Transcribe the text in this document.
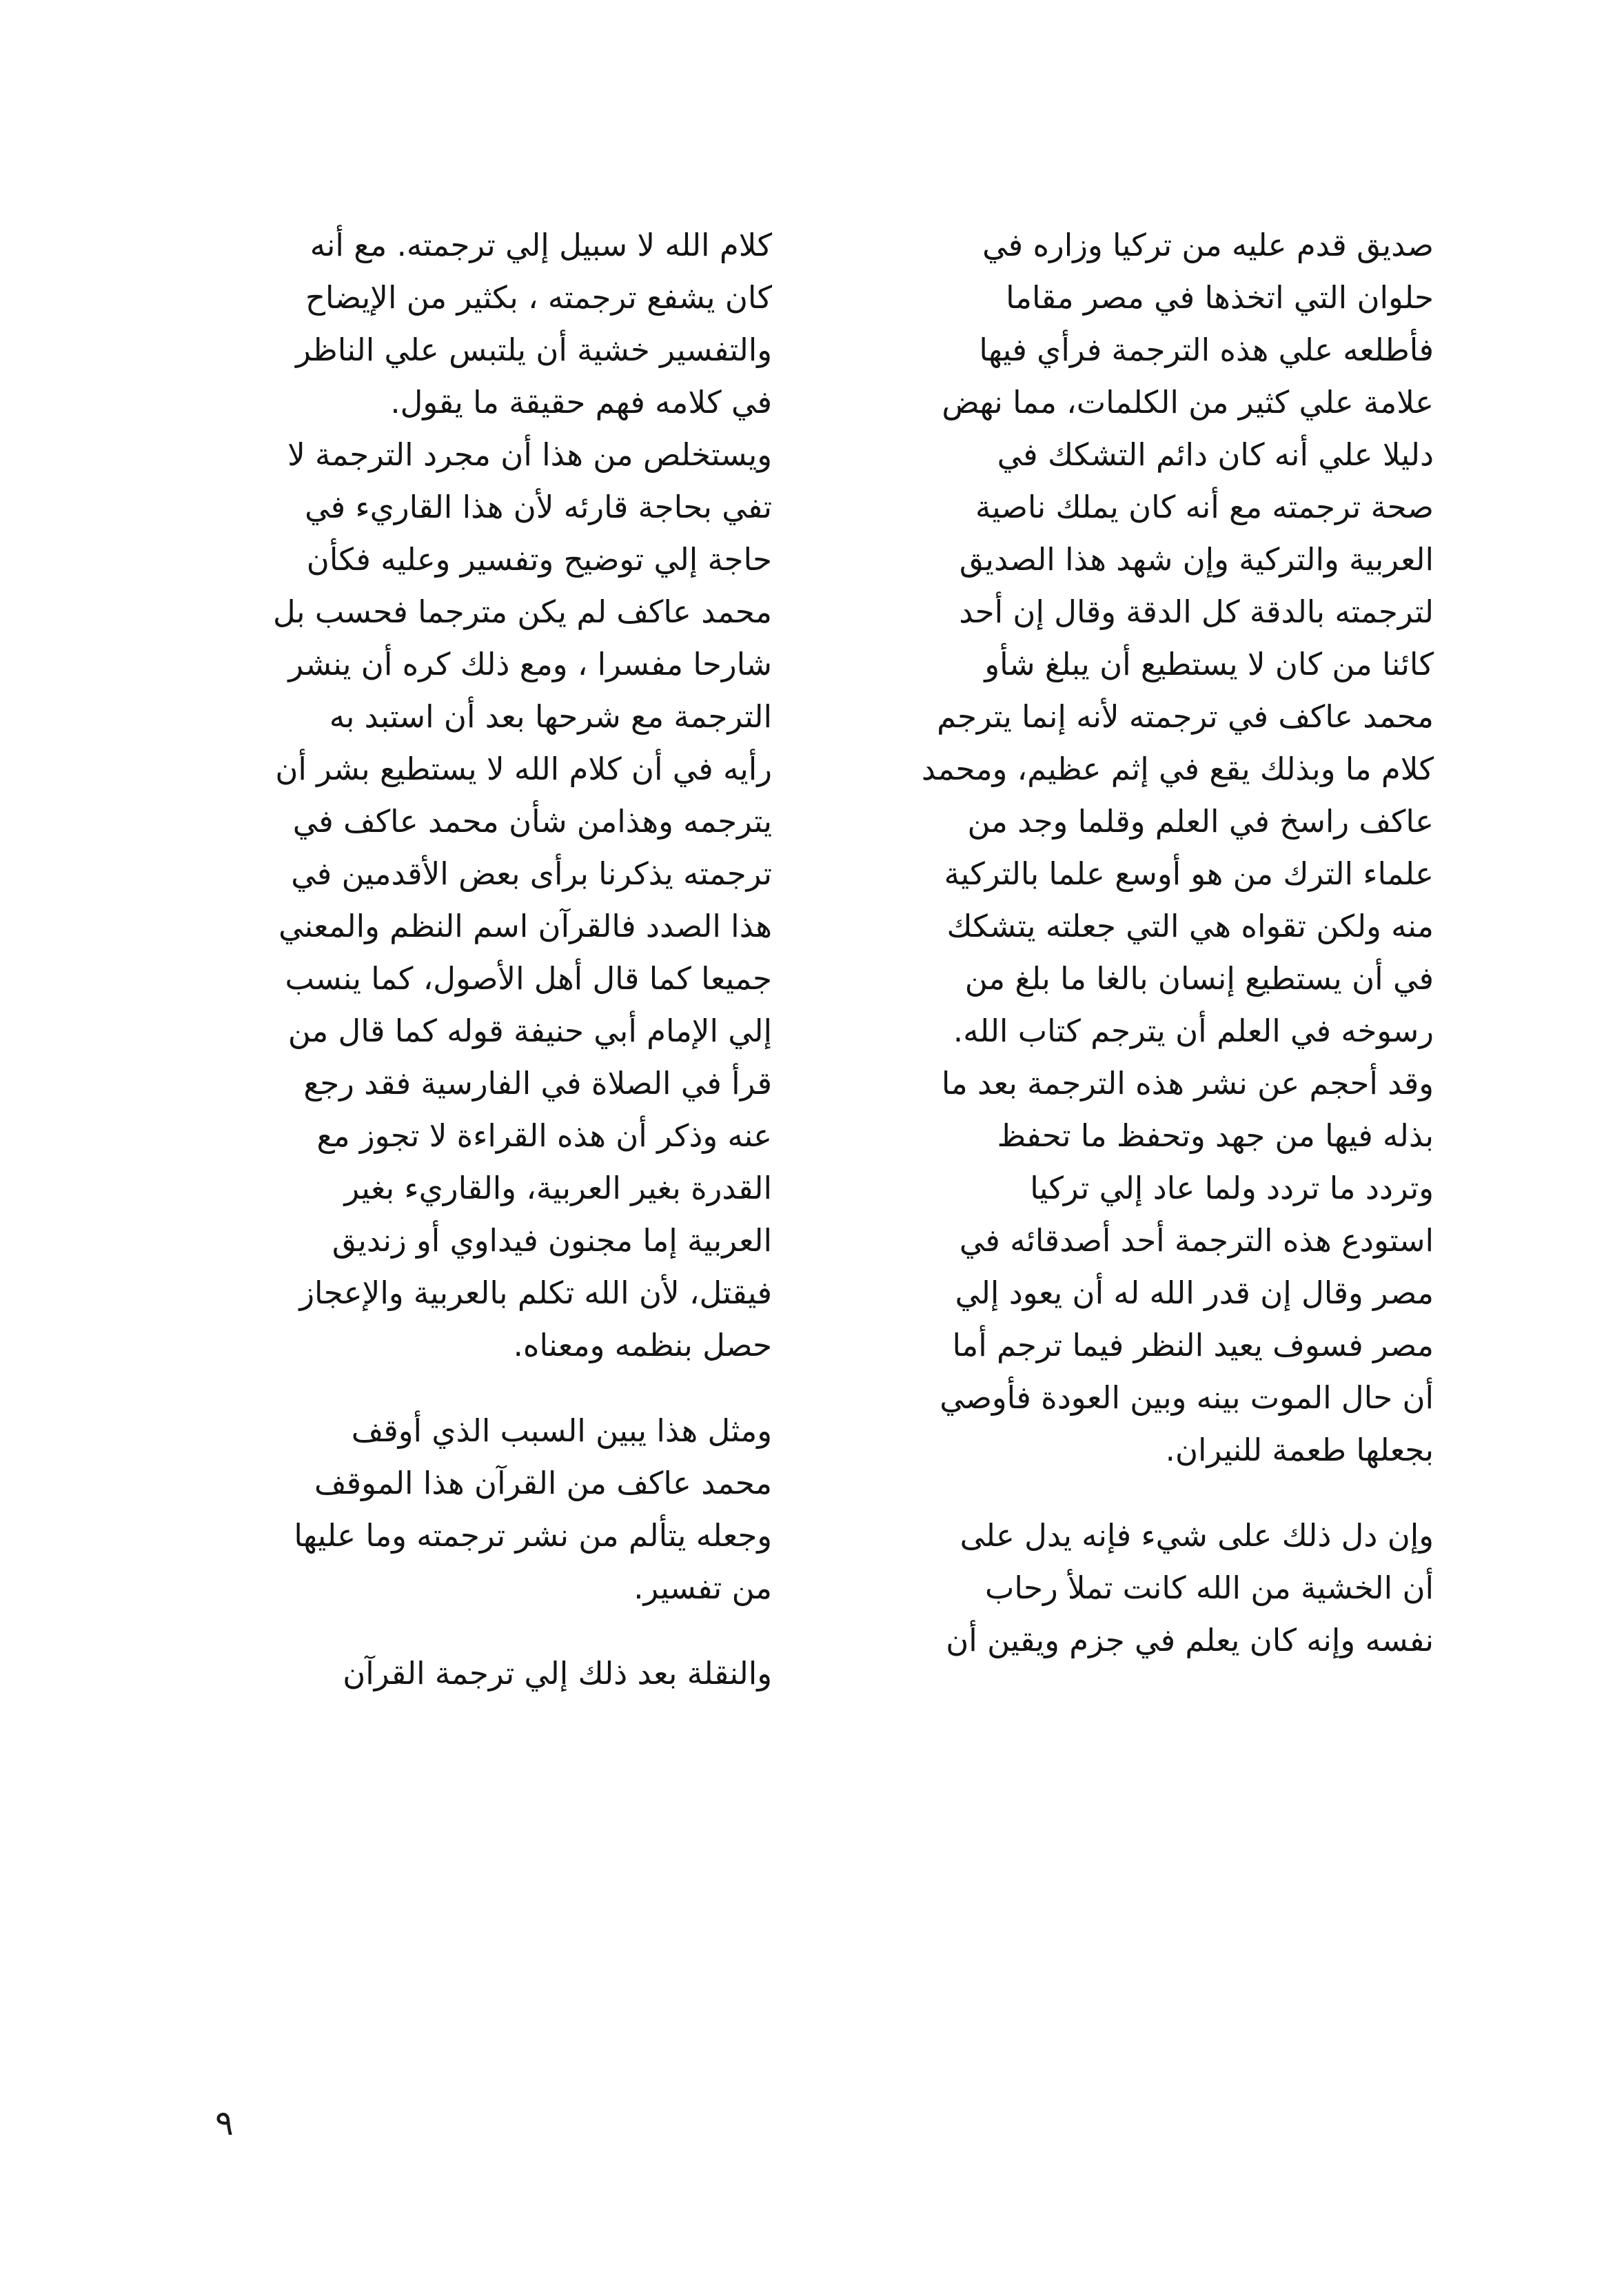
صديق قدم عليه من تركيا وزاره في
حلوان التي اتخذها في مصر مقاما
فأطلعه علي هذه الترجمة فرأي فيها
علامة علي كثير من الكلمات، مما نهض
دليلا علي أنه كان دائم التشكك في
صحة ترجمته مع أنه كان يملك ناصية
العربية والتركية وإن شهد هذا الصديق
لترجمته بالدقة كل الدقة وقال إن أحد
كائنا من كان لا يستطيع أن يبلغ شأو
محمد عاكف في ترجمته لأنه إنما يترجم
كلام ما وبذلك يقع في إثم عظيم، ومحمد
عاكف راسخ في العلم وقلما وجد من
علماء الترك من هو أوسع علما بالتركية
منه ولكن تقواه هي التي جعلته يتشكك
في أن يستطيع إنسان بالغا ما بلغ من
رسوخه في العلم أن يترجم كتاب الله.
وقد أحجم عن نشر هذه الترجمة بعد ما
بذله فيها من جهد وتحفظ ما تحفظ
وتردد ما تردد ولما عاد إلي تركيا
استودع هذه الترجمة أحد أصدقائه في
مصر وقال إن قدر الله له أن يعود إلي
مصر فسوف يعيد النظر فيما ترجم أما
أن حال الموت بينه وبين العودة فأوصي
بجعلها طعمة للنيران.
وإن دل ذلك على شيء فإنه يدل على
أن الخشية من الله كانت تملأ رحاب
نفسه وإنه كان يعلم في جزم ويقين أن
كلام الله لا سبيل إلي ترجمته. مع أنه
كان يشفع ترجمته ، بكثير من الإيضاح
والتفسير خشية أن يلتبس علي الناظر
في كلامه فهم حقيقة ما يقول.
ويستخلص من هذا أن مجرد الترجمة لا
تفي بحاجة قارئه لأن هذا القاريء في
حاجة إلي توضيح وتفسير وعليه فكأن
محمد عاكف لم يكن مترجما فحسب بل
شارحا مفسرا ، ومع ذلك كره أن ينشر
الترجمة مع شرحها بعد أن استبد به
رأيه في أن كلام الله لا يستطيع بشر أن
يترجمه وهذامن شأن محمد عاكف في
ترجمته يذكرنا برأى بعض الأقدمين في
هذا الصدد فالقرآن اسم النظم والمعني
جميعا كما قال أهل الأصول، كما ينسب
إلي الإمام أبي حنيفة قوله كما قال من
قرأ في الصلاة في الفارسية فقد رجع
عنه وذكر أن هذه القراءة لا تجوز مع
القدرة بغير العربية، والقاريء بغير
العربية إما مجنون فيداوي أو زنديق
فيقتل، لأن الله تكلم بالعربية والإعجاز
حصل بنظمه ومعناه.
ومثل هذا يبين السبب الذي أوقف
محمد عاكف من القرآن هذا الموقف
وجعله يتألم من نشر ترجمته وما عليها
من تفسير.
والنقلة بعد ذلك إلي ترجمة القرآن
٩
